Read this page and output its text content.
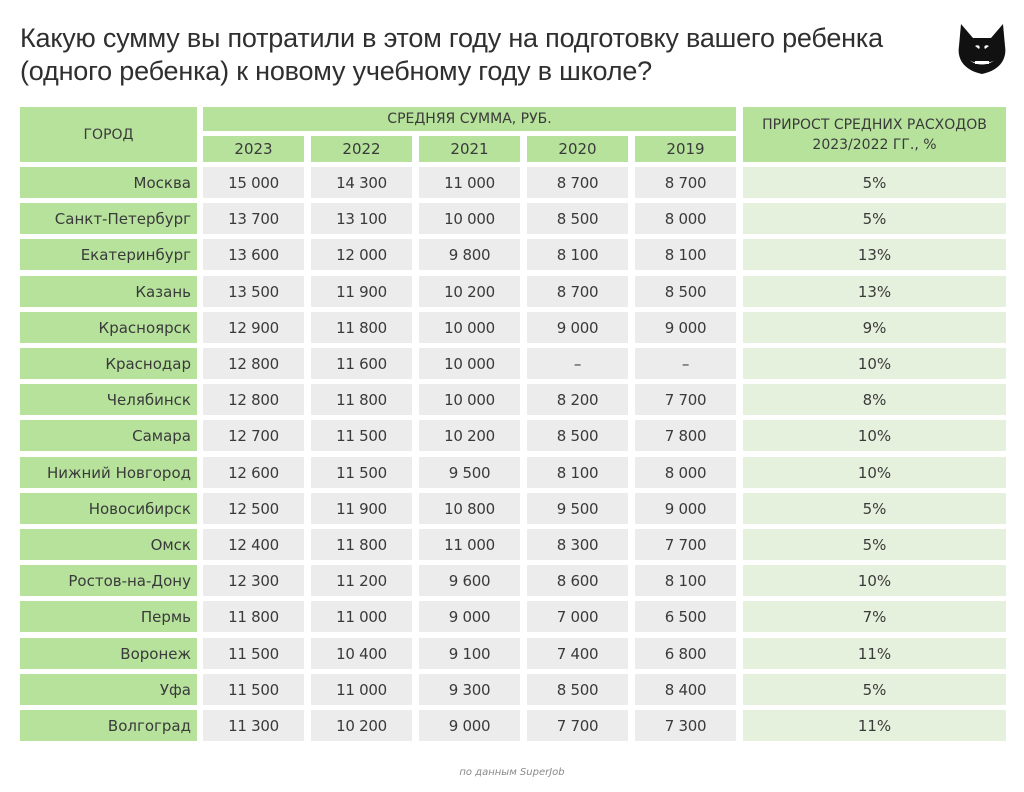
Какую сумму вы потратили в этом году на подготовку вашего ребенка
(одного ребенка) к новому учебному году в школе?
ГОРОД
СРЕДНЯЯ СУММА, РУБ.
2023	2022	2021	2020	2019
ПРИРОСТ СРЕДНИХ РАСХОДОВ
2023/2022 ГГ., %
Москва	15 000	14 300	11 000	8 700	8 700	5%
Санкт-Петербург	13 700	13 100	10 000	8 500	8 000	5%
Екатеринбург	13 600	12 000	9 800	8 100	8 100	13%
Казань	13 500	11 900	10 200	8 700	8 500	13%
Красноярск	12 900	11 800	10 000	9 000	9 000	9%
Краснодар	12 800	11 600	10 000	–	–	10%
Челябинск	12 800	11 800	10 000	8 200	7 700	8%
Самара	12 700	11 500	10 200	8 500	7 800	10%
Нижний Новгород	12 600	11 500	9 500	8 100	8 000	10%
Новосибирск	12 500	11 900	10 800	9 500	9 000	5%
Омск	12 400	11 800	11 000	8 300	7 700	5%
Ростов-на-Дону	12 300	11 200	9 600	8 600	8 100	10%
Пермь	11 800	11 000	9 000	7 000	6 500	7%
Воронеж	11 500	10 400	9 100	7 400	6 800	11%
Уфа	11 500	11 000	9 300	8 500	8 400	5%
Волгоград	11 300	10 200	9 000	7 700	7 300	11%
по данным SuperJob
